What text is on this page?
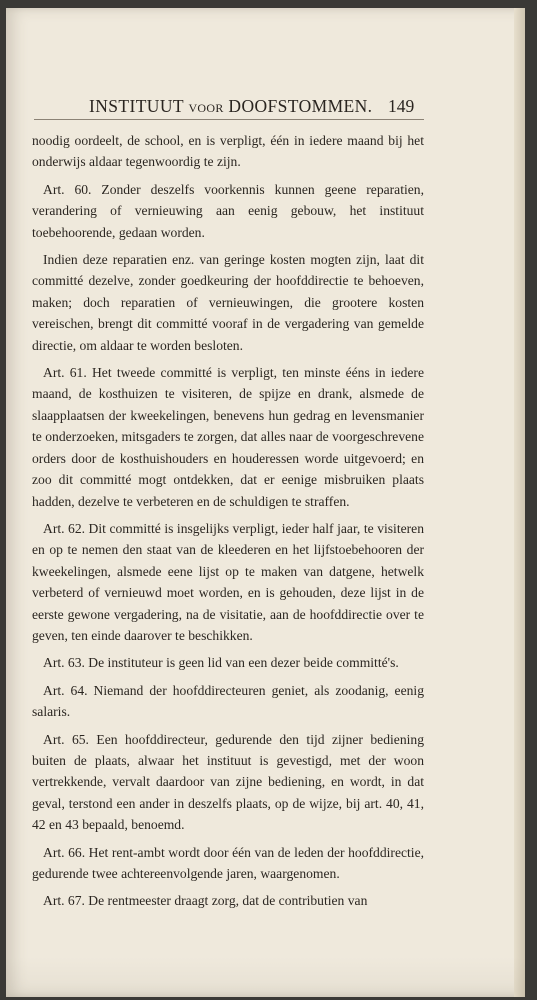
INSTITUUT VOOR DOOFSTOMMEN. 149

noodig oordeelt, de school, en is verpligt, één in iedere maand bij het onderwijs aldaar tegenwoordig te zijn.

Art. 60. Zonder deszelfs voorkennis kunnen geene reparatien, verandering of vernieuwing aan eenig gebouw, het instituut toebehoorende, gedaan worden.

Indien deze reparatien enz. van geringe kosten mogten zijn, laat dit committé dezelve, zonder goedkeuring der hoofddirectie te behoeven, maken; doch reparatien of vernieuwingen, die grootere kosten vereischen, brengt dit committé vooraf in de vergadering van gemelde directie, om aldaar te worden besloten.

Art. 61. Het tweede committé is verpligt, ten minste ééns in iedere maand, de kosthuizen te visiteren, de spijze en drank, alsmede de slaapplaatsen der kweekelingen, benevens hun gedrag en levensmanier te onderzoeken, mitsgaders te zorgen, dat alles naar de voorgeschrevene orders door de kosthuishouders en houderessen worde uitgevoerd; en zoo dit committé mogt ontdekken, dat er eenige misbruiken plaats hadden, dezelve te verbeteren en de schuldigen te straffen.

Art. 62. Dit committé is insgelijks verpligt, ieder half jaar, te visiteren en op te nemen den staat van de kleederen en het lijfstoebehooren der kweekelingen, alsmede eene lijst op te maken van datgene, hetwelk verbeterd of vernieuwd moet worden, en is gehouden, deze lijst in de eerste gewone vergadering, na de visitatie, aan de hoofddirectie over te geven, ten einde daarover te beschikken.

Art. 63. De instituteur is geen lid van een dezer beide committé's.

Art. 64. Niemand der hoofddirecteuren geniet, als zoodanig, eenig salaris.

Art. 65. Een hoofddirecteur, gedurende den tijd zijner bediening buiten de plaats, alwaar het instituut is gevestigd, met der woon vertrekkende, vervalt daardoor van zijne bediening, en wordt, in dat geval, terstond een ander in deszelfs plaats, op de wijze, bij art. 40, 41, 42 en 43 bepaald, benoemd.

Art. 66. Het rent-ambt wordt door één van de leden der hoofddirectie, gedurende twee achtereenvolgende jaren, waargenomen.

Art. 67. De rentmeester draagt zorg, dat de contributien van
